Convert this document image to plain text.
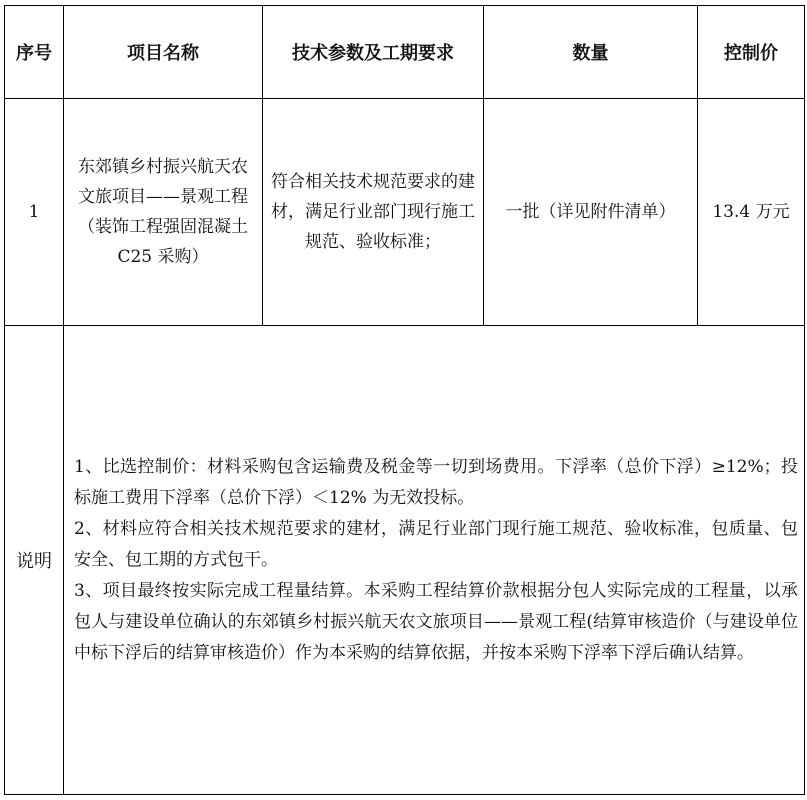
序号	项目名称	技术参数及工期要求	数量	控制价
1	东郊镇乡村振兴航天农文旅项目——景观工程（装饰工程强固混凝土 C25 采购）	符合相关技术规范要求的建材，满足行业部门现行施工规范、验收标准；	一批（详见附件清单）	13.4 万元
说明	1、比选控制价：材料采购包含运输费及税金等一切到场费用。下浮率（总价下浮）≥12%；投标施工费用下浮率（总价下浮）＜12% 为无效投标。

2、材料应符合相关技术规范要求的建材，满足行业部门现行施工规范、验收标准，包质量、包安全、包工期的方式包干。

3、项目最终按实际完成工程量结算。本采购工程结算价款根据分包人实际完成的工程量，以承包人与建设单位确认的东郊镇乡村振兴航天农文旅项目——景观工程(结算审核造价（与建设单位中标下浮后的结算审核造价）作为本采购的结算依据，并按本采购下浮率下浮后确认结算。			
